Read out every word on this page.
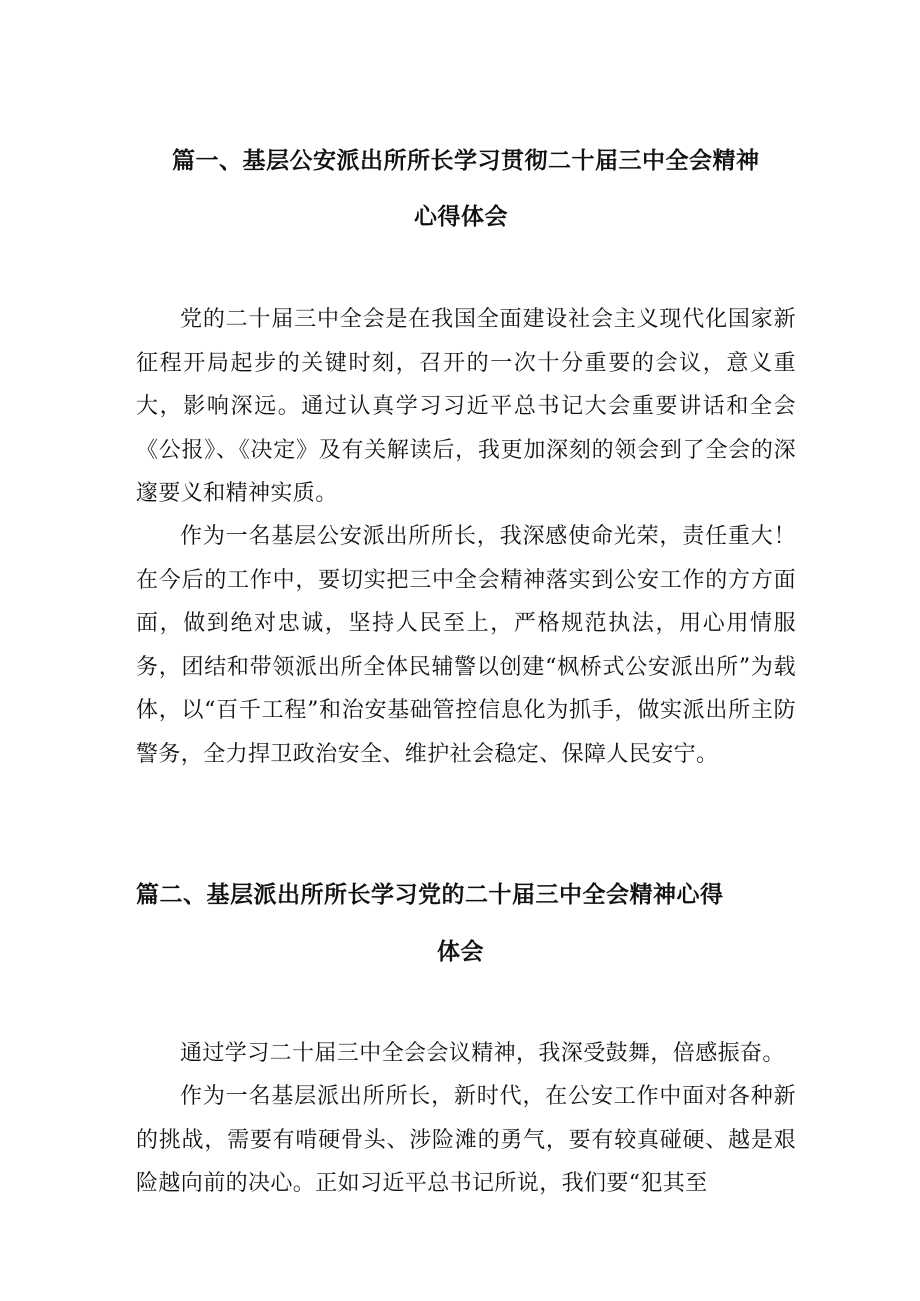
篇一、基层公安派出所所长学习贯彻二十届三中全会精神
心得体会

党的二十届三中全会是在我国全面建设社会主义现代化国家新征程开局起步的关键时刻，召开的一次十分重要的会议，意义重大，影响深远。通过认真学习习近平总书记大会重要讲话和全会《公报》、《决定》及有关解读后，我更加深刻的领会到了全会的深邃要义和精神实质。

作为一名基层公安派出所所长，我深感使命光荣，责任重大！在今后的工作中，要切实把三中全会精神落实到公安工作的方方面面，做到绝对忠诚，坚持人民至上，严格规范执法，用心用情服务，团结和带领派出所全体民辅警以创建“枫桥式公安派出所”为载体，以“百千工程”和治安基础管控信息化为抓手，做实派出所主防警务，全力捍卫政治安全、维护社会稳定、保障人民安宁。

篇二、基层派出所所长学习党的二十届三中全会精神心得
体会

通过学习二十届三中全会会议精神，我深受鼓舞，倍感振奋。

作为一名基层派出所所长，新时代，在公安工作中面对各种新的挑战，需要有啃硬骨头、涉险滩的勇气，要有较真碰硬、越是艰险越向前的决心。正如习近平总书记所说，我们要“犯其至
